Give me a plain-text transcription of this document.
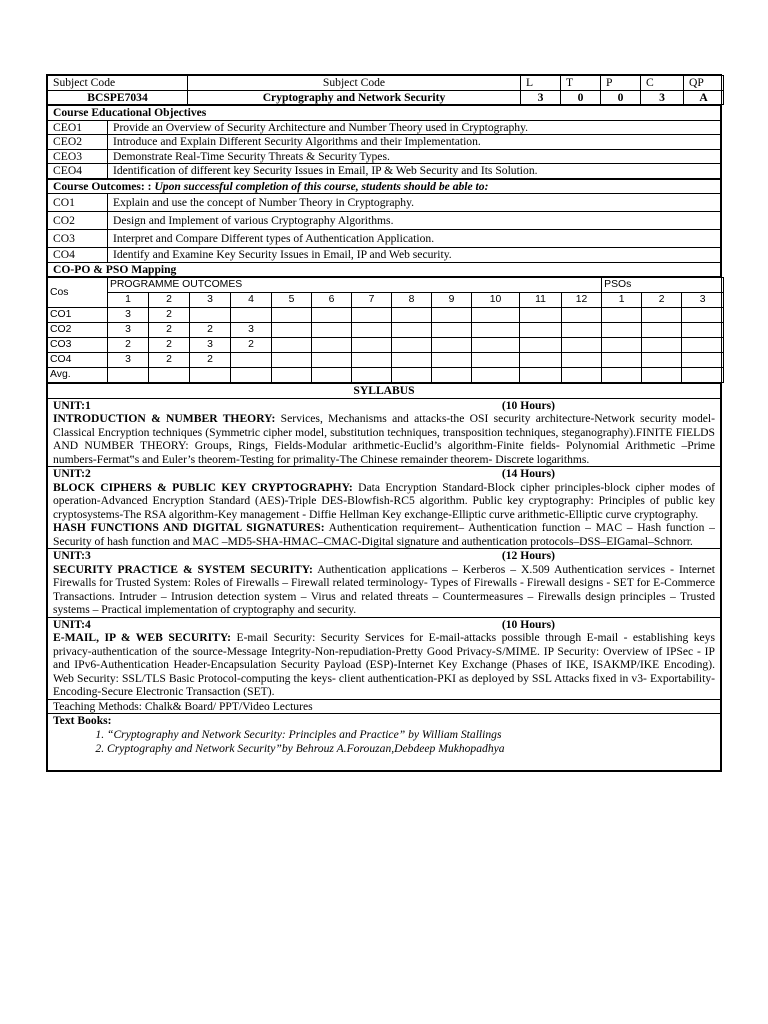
Subject Code	Subject Code	L	T	P	C	QP
BCSPE7034	Cryptography and Network Security	3	0	0	3	A
Course Educational Objectives	
CEO1	Provide an Overview of Security Architecture and Number Theory used in Cryptography.
CEO2	Introduce and Explain Different Security Algorithms and their Implementation.
CEO3	Demonstrate Real-Time Security Threats & Security Types.
CEO4	Identification of different key Security Issues in Email, IP & Web Security and Its Solution.
Course Outcomes: : Upon successful completion of this course, students should be able to:	
CO1	Explain and use the concept of Number Theory in Cryptography.
CO2	Design and Implement of various Cryptography Algorithms.
CO3	Interpret and Compare Different types of Authentication Application.
CO4	Identify and Examine Key Security Issues in Email, IP and Web security.
CO-PO & PSO Mapping	
Cos	PROGRAMME OUTCOMES												PSOs		
	1	2	3	4	5	6	7	8	9	10	11	12	1	2	3
CO1	3	2													
CO2	3	2	2	3											
CO3	2	2	3	2											
CO4	3	2	2												
Avg.															
SYLLABUS

UNIT:1	(10 Hours)
INTRODUCTION & NUMBER THEORY: Services, Mechanisms and attacks-the OSI security architecture-Network security model-Classical Encryption techniques (Symmetric cipher model, substitution techniques, transposition techniques, steganography).FINITE FIELDS AND NUMBER THEORY: Groups, Rings, Fields-Modular arithmetic-Euclid’s algorithm-Finite fields- Polynomial Arithmetic –Prime numbers-Fermat‟s and Euler’s theorem-Testing for primality-The Chinese remainder theorem- Discrete logarithms.

UNIT:2	(14 Hours)
BLOCK CIPHERS & PUBLIC KEY CRYPTOGRAPHY: Data Encryption Standard-Block cipher principles-block cipher modes of operation-Advanced Encryption Standard (AES)-Triple DES-Blowfish-RC5 algorithm. Public key cryptography: Principles of public key cryptosystems-The RSA algorithm-Key management - Diffie Hellman Key exchange-Elliptic curve arithmetic-Elliptic curve cryptography.
HASH FUNCTIONS AND DIGITAL SIGNATURES: Authentication requirement– Authentication function – MAC – Hash function – Security of hash function and MAC –MD5-SHA-HMAC–CMAC-Digital signature and authentication protocols–DSS–EIGamal–Schnorr.

UNIT:3	(12 Hours)
SECURITY PRACTICE & SYSTEM SECURITY: Authentication applications – Kerberos – X.509 Authentication services - Internet Firewalls for Trusted System: Roles of Firewalls – Firewall related terminology- Types of Firewalls - Firewall designs - SET for E-Commerce Transactions. Intruder – Intrusion detection system – Virus and related threats – Countermeasures – Firewalls design principles – Trusted systems – Practical implementation of cryptography and security.

UNIT:4	(10 Hours)
E-MAIL, IP & WEB SECURITY: E-mail Security: Security Services for E-mail-attacks possible through E-mail - establishing keys privacy-authentication of the source-Message Integrity-Non-repudiation-Pretty Good Privacy-S/MIME. IP Security: Overview of IPSec - IP and IPv6-Authentication Header-Encapsulation Security Payload (ESP)-Internet Key Exchange (Phases of IKE, ISAKMP/IKE Encoding). Web Security: SSL/TLS Basic Protocol-computing the keys- client authentication-PKI as deployed by SSL Attacks fixed in v3- Exportability-Encoding-Secure Electronic Transaction (SET).

Teaching Methods: Chalk& Board/ PPT/Video Lectures

Text Books:
1. “Cryptography and Network Security: Principles and Practice” by William Stallings
2. Cryptography and Network Security”by Behrouz A.Forouzan,Debdeep Mukhopadhya
